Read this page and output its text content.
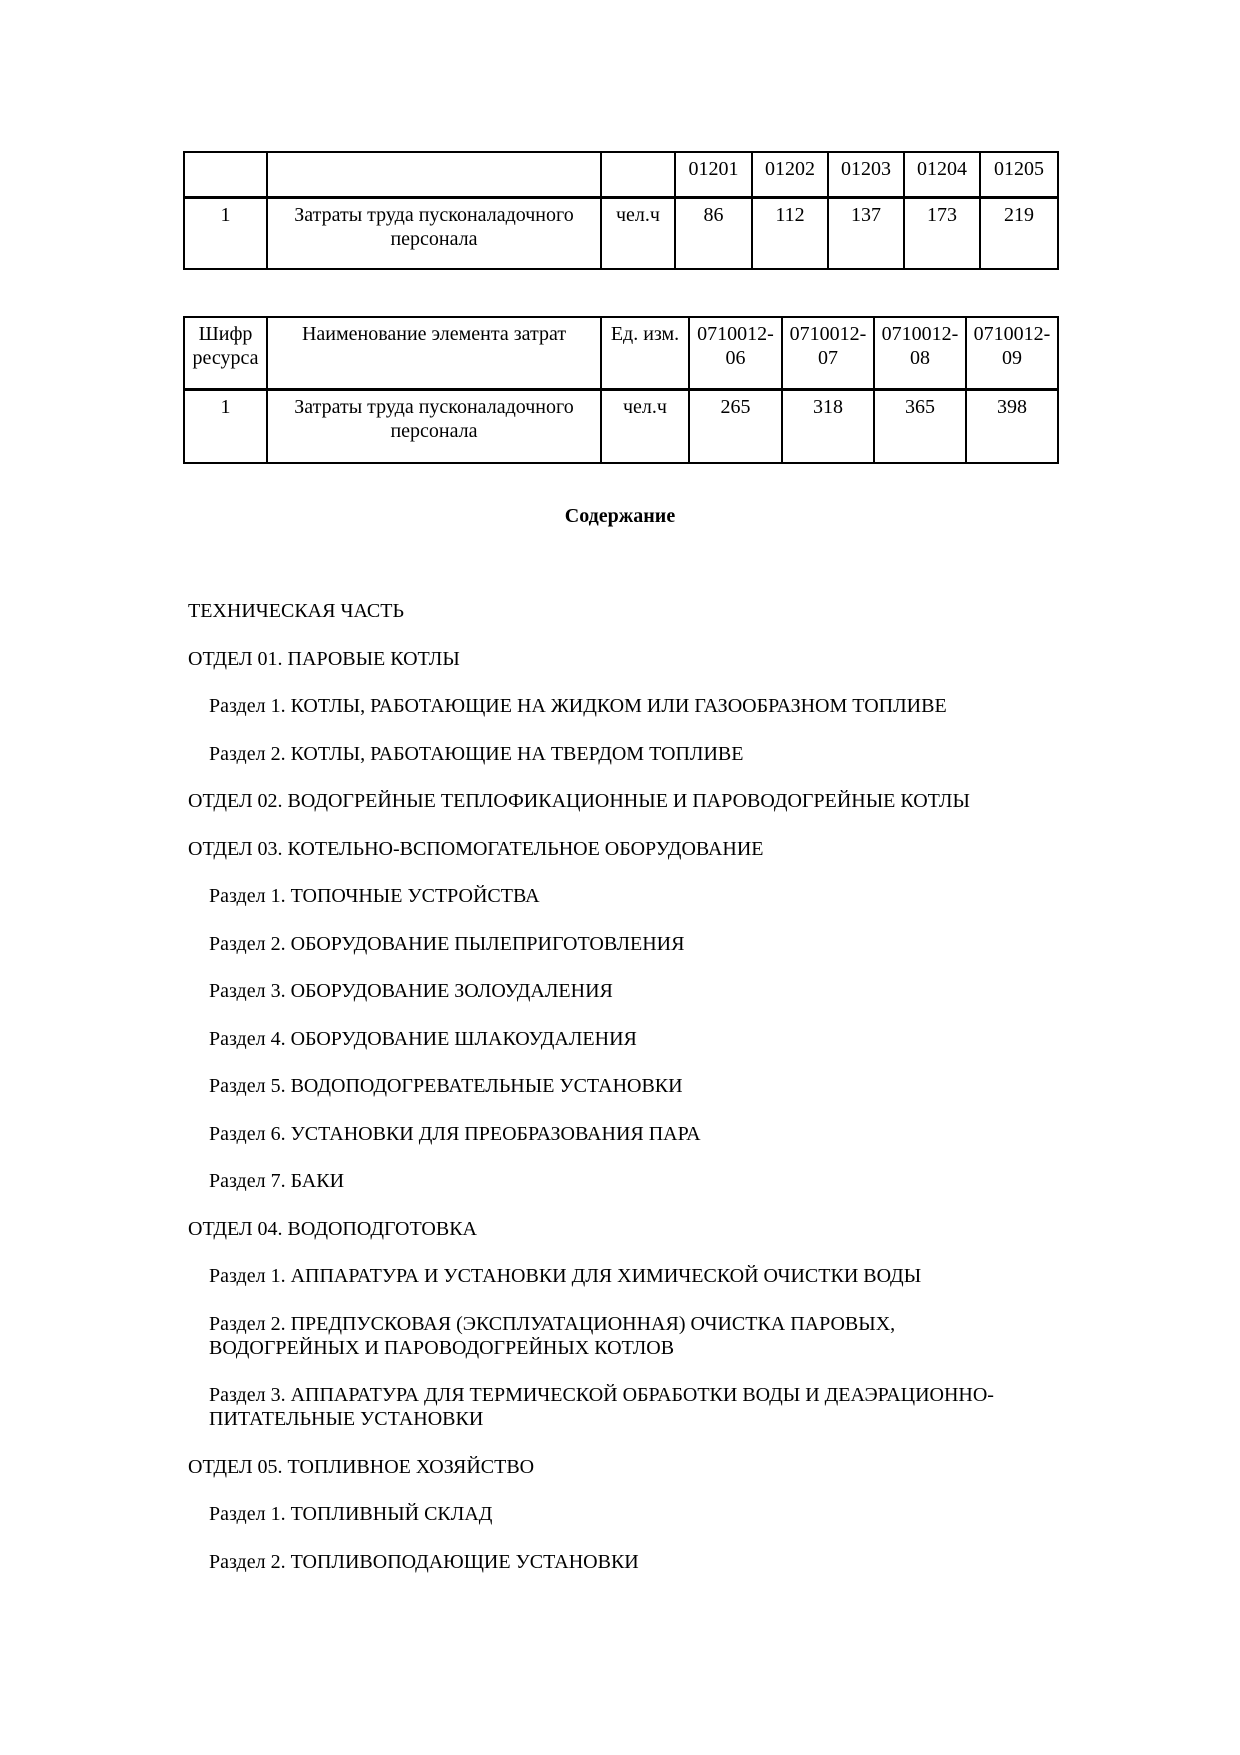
			01201	01202	01203	01204	01205
1	Затраты труда пусконаладочного персонала	чел.ч	86	112	137	173	219
Шифр ресурса	Наименование элемента затрат	Ед. изм.	0710012-06	0710012-07	0710012-08	0710012-09
1	Затраты труда пусконаладочного персонала	чел.ч	265	318	365	398
Содержание

ТЕХНИЧЕСКАЯ ЧАСТЬ

ОТДЕЛ 01. ПАРОВЫЕ КОТЛЫ

Раздел 1. КОТЛЫ, РАБОТАЮЩИЕ НА ЖИДКОМ ИЛИ ГАЗООБРАЗНОМ ТОПЛИВЕ

Раздел 2. КОТЛЫ, РАБОТАЮЩИЕ НА ТВЕРДОМ ТОПЛИВЕ

ОТДЕЛ 02. ВОДОГРЕЙНЫЕ ТЕПЛОФИКАЦИОННЫЕ И ПАРОВОДОГРЕЙНЫЕ КОТЛЫ

ОТДЕЛ 03. КОТЕЛЬНО-ВСПОМОГАТЕЛЬНОЕ ОБОРУДОВАНИЕ

Раздел 1. ТОПОЧНЫЕ УСТРОЙСТВА

Раздел 2. ОБОРУДОВАНИЕ ПЫЛЕПРИГОТОВЛЕНИЯ

Раздел 3. ОБОРУДОВАНИЕ ЗОЛОУДАЛЕНИЯ

Раздел 4. ОБОРУДОВАНИЕ ШЛАКОУДАЛЕНИЯ

Раздел 5. ВОДОПОДОГРЕВАТЕЛЬНЫЕ УСТАНОВКИ

Раздел 6. УСТАНОВКИ ДЛЯ ПРЕОБРАЗОВАНИЯ ПАРА

Раздел 7. БАКИ

ОТДЕЛ 04. ВОДОПОДГОТОВКА

Раздел 1. АППАРАТУРА И УСТАНОВКИ ДЛЯ ХИМИЧЕСКОЙ ОЧИСТКИ ВОДЫ

Раздел 2. ПРЕДПУСКОВАЯ (ЭКСПЛУАТАЦИОННАЯ) ОЧИСТКА ПАРОВЫХ,
ВОДОГРЕЙНЫХ И ПАРОВОДОГРЕЙНЫХ КОТЛОВ

Раздел 3. АППАРАТУРА ДЛЯ ТЕРМИЧЕСКОЙ ОБРАБОТКИ ВОДЫ И ДЕАЭРАЦИОННО-
ПИТАТЕЛЬНЫЕ УСТАНОВКИ

ОТДЕЛ 05. ТОПЛИВНОЕ ХОЗЯЙСТВО

Раздел 1. ТОПЛИВНЫЙ СКЛАД

Раздел 2. ТОПЛИВОПОДАЮЩИЕ УСТАНОВКИ
